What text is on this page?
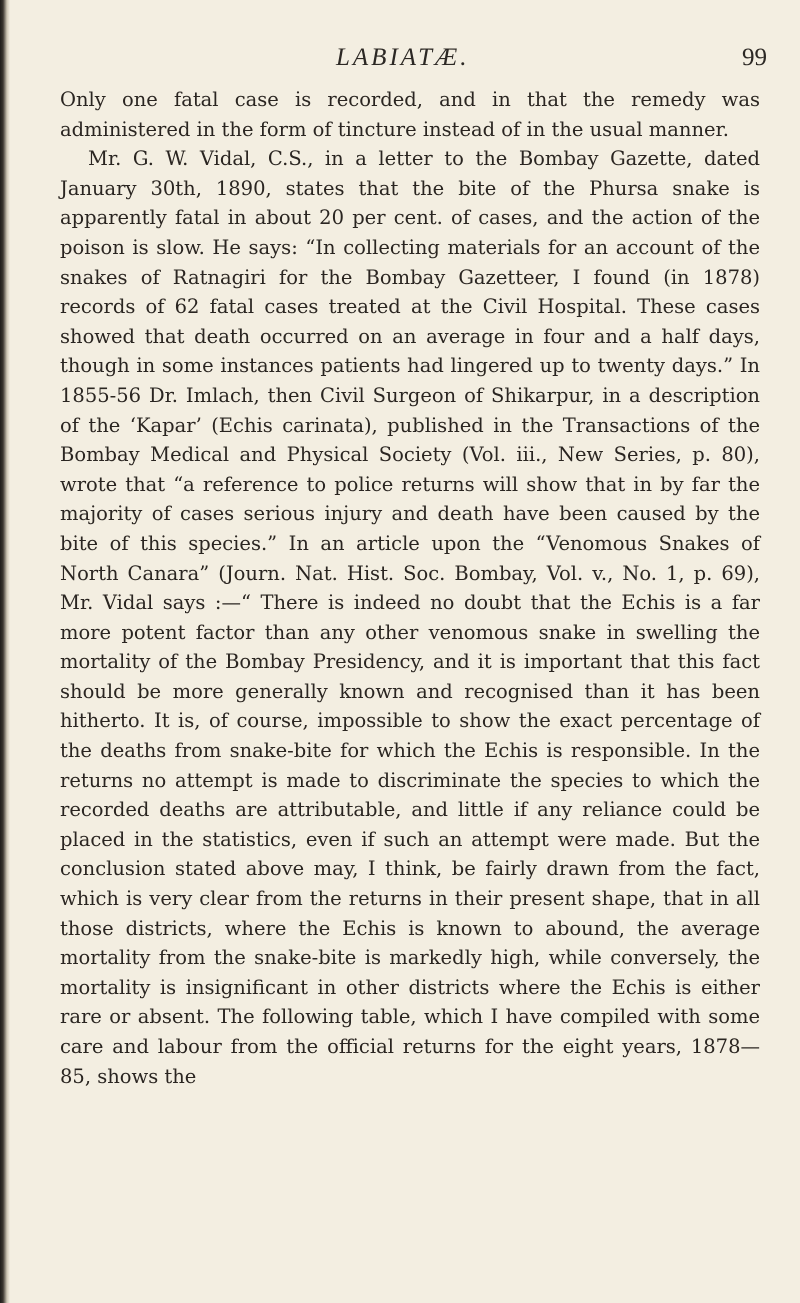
LABIATÆ.	99

Only one fatal case is recorded, and in that the remedy was administered in the form of tincture instead of in the usual manner.

Mr. G. W. Vidal, C.S., in a letter to the Bombay Gazette, dated January 30th, 1890, states that the bite of the Phursa snake is apparently fatal in about 20 per cent. of cases, and the action of the poison is slow. He says: “In collecting materials for an account of the snakes of Ratnagiri for the Bombay Gazetteer, I found (in 1878) records of 62 fatal cases treated at the Civil Hospital. These cases showed that death occurred on an average in four and a half days, though in some instances patients had lingered up to twenty days.” In 1855-56 Dr. Imlach, then Civil Surgeon of Shikarpur, in a description of the ‘Kapar’ (Echis carinata), published in the Transactions of the Bombay Medical and Physical Society (Vol. iii., New Series, p. 80), wrote that “a reference to police returns will show that in by far the majority of cases serious injury and death have been caused by the bite of this species.” In an article upon the “Venomous Snakes of North Canara” (Journ. Nat. Hist. Soc. Bombay, Vol. v., No. 1, p. 69), Mr. Vidal says :—“ There is indeed no doubt that the Echis is a far more potent factor than any other venomous snake in swelling the mortality of the Bombay Presidency, and it is important that this fact should be more generally known and recognised than it has been hitherto. It is, of course, impossible to show the exact percentage of the deaths from snake-bite for which the Echis is responsible. In the returns no attempt is made to discriminate the species to which the recorded deaths are attributable, and little if any reliance could be placed in the statistics, even if such an attempt were made. But the conclusion stated above may, I think, be fairly drawn from the fact, which is very clear from the returns in their present shape, that in all those districts, where the Echis is known to abound, the average mortality from the snake-bite is markedly high, while conversely, the mortality is insignificant in other districts where the Echis is either rare or absent. The following table, which I have compiled with some care and labour from the official returns for the eight years, 1878—85, shows the
